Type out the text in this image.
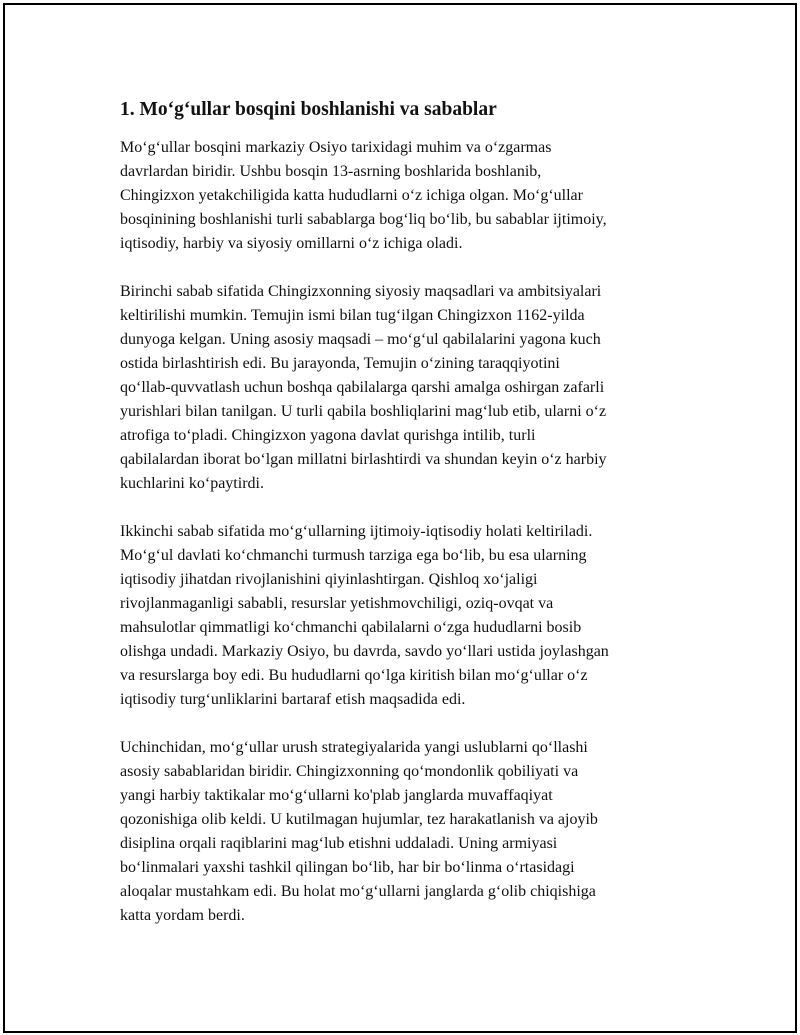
1. Mo‘g‘ullar bosqini boshlanishi va sabablar

Mo‘g‘ullar bosqini markaziy Osiyo tarixidagi muhim va o‘zgarmas
davrlardan biridir. Ushbu bosqin 13-asrning boshlarida boshlanib,
Chingizxon yetakchiligida katta hududlarni o‘z ichiga olgan. Mo‘g‘ullar
bosqinining boshlanishi turli sabablarga bog‘liq bo‘lib, bu sabablar ijtimoiy,
iqtisodiy, harbiy va siyosiy omillarni o‘z ichiga oladi.

Birinchi sabab sifatida Chingizxonning siyosiy maqsadlari va ambitsiyalari
keltirilishi mumkin. Temujin ismi bilan tug‘ilgan Chingizxon 1162-yilda
dunyoga kelgan. Uning asosiy maqsadi – mo‘g‘ul qabilalarini yagona kuch
ostida birlashtirish edi. Bu jarayonda, Temujin o‘zining taraqqiyotini
qo‘llab-quvvatlash uchun boshqa qabilalarga qarshi amalga oshirgan zafarli
yurishlari bilan tanilgan. U turli qabila boshliqlarini mag‘lub etib, ularni o‘z
atrofiga to‘pladi. Chingizxon yagona davlat qurishga intilib, turli
qabilalardan iborat bo‘lgan millatni birlashtirdi va shundan keyin o‘z harbiy
kuchlarini ko‘paytirdi.

Ikkinchi sabab sifatida mo‘g‘ullarning ijtimoiy-iqtisodiy holati keltiriladi.
Mo‘g‘ul davlati ko‘chmanchi turmush tarziga ega bo‘lib, bu esa ularning
iqtisodiy jihatdan rivojlanishini qiyinlashtirgan. Qishloq xo‘jaligi
rivojlanmaganligi sababli, resurslar yetishmovchiligi, oziq-ovqat va
mahsulotlar qimmatligi ko‘chmanchi qabilalarni o‘zga hududlarni bosib
olishga undadi. Markaziy Osiyo, bu davrda, savdo yo‘llari ustida joylashgan
va resurslarga boy edi. Bu hududlarni qo‘lga kiritish bilan mo‘g‘ullar o‘z
iqtisodiy turg‘unliklarini bartaraf etish maqsadida edi.

Uchinchidan, mo‘g‘ullar urush strategiyalarida yangi uslublarni qo‘llashi
asosiy sabablaridan biridir. Chingizxonning qo‘mondonlik qobiliyati va
yangi harbiy taktikalar mo‘g‘ullarni ko'plab janglarda muvaffaqiyat
qozonishiga olib keldi. U kutilmagan hujumlar, tez harakatlanish va ajoyib
disiplina orqali raqiblarini mag‘lub etishni uddaladi. Uning armiyasi
bo‘linmalari yaxshi tashkil qilingan bo‘lib, har bir bo‘linma o‘rtasidagi
aloqalar mustahkam edi. Bu holat mo‘g‘ullarni janglarda g‘olib chiqishiga
katta yordam berdi.
